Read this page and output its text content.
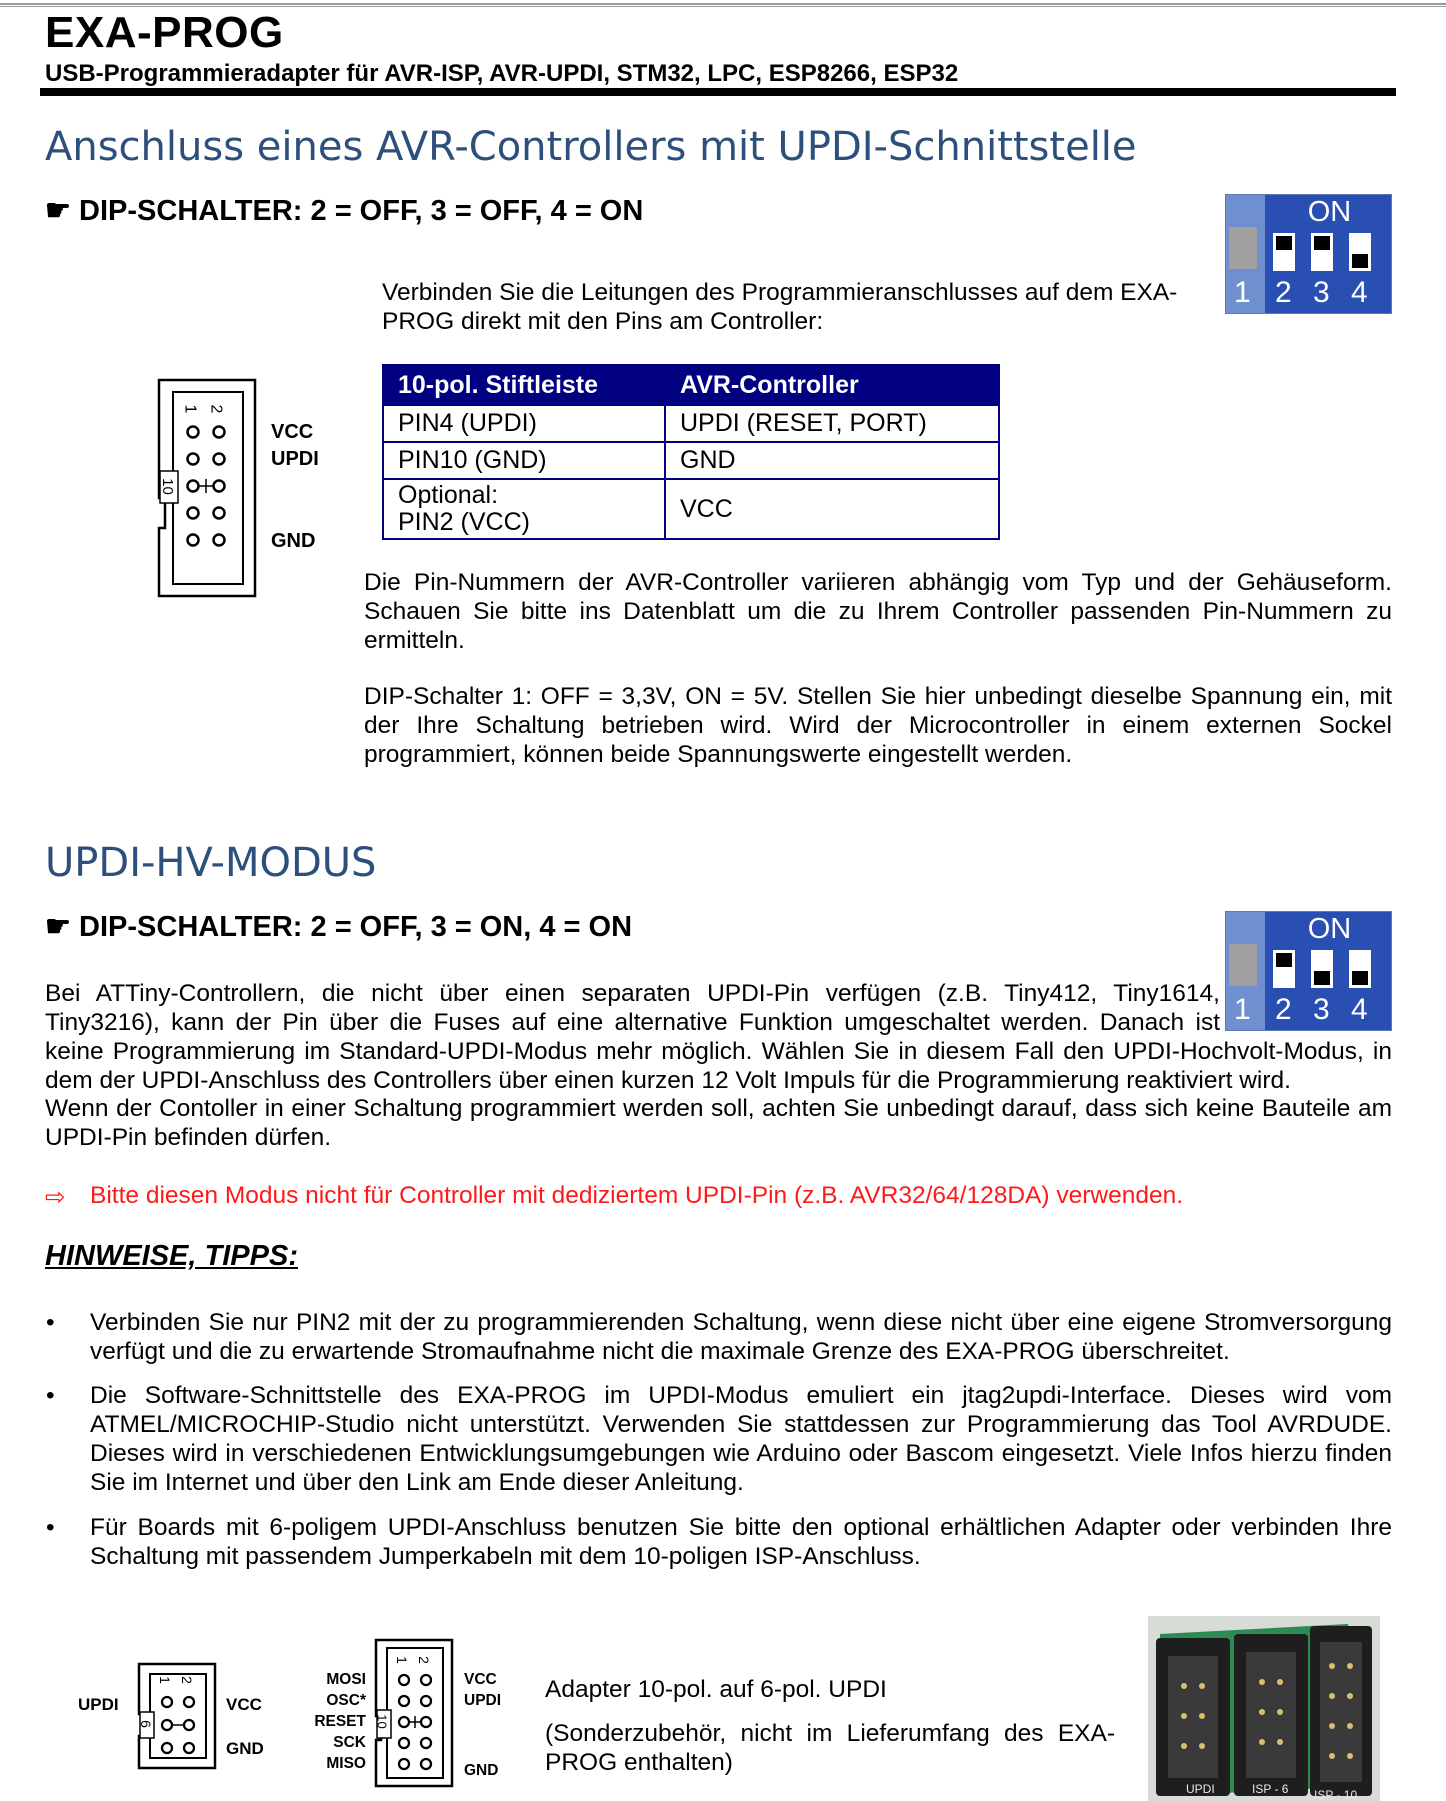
EXA-PROG
USB-Programmieradapter für AVR-ISP, AVR-UPDI, STM32, LPC, ESP8266, ESP32
Anschluss eines AVR-Controllers mit UPDI-Schnittstelle
☛ DIP-SCHALTER: 2 = OFF, 3 = OFF, 4 = ON	ON
1 2 3 4
Verbinden Sie die Leitungen des Programmieranschlusses auf dem EXA-PROG direkt mit den Pins am Controller:
1 2
10
VCC
UPDI
GND
10-pol. Stiftleiste	AVR-Controller
PIN4 (UPDI)	UPDI (RESET, PORT)
PIN10 (GND)	GND
Optional:
PIN2 (VCC)	VCC
Die Pin-Nummern der AVR-Controller variieren abhängig vom Typ und der Gehäuseform. Schauen Sie bitte ins Datenblatt um die zu Ihrem Controller passenden Pin-Nummern zu ermitteln.
DIP-Schalter 1: OFF = 3,3V, ON = 5V. Stellen Sie hier unbedingt dieselbe Spannung ein, mit der Ihre Schaltung betrieben wird. Wird der Microcontroller in einem externen Sockel programmiert, können beide Spannungswerte eingestellt werden.
UPDI-HV-MODUS
☛ DIP-SCHALTER: 2 = OFF, 3 = ON, 4 = ON	ON
1 2 3 4
Bei ATTiny-Controllern, die nicht über einen separaten UPDI-Pin verfügen (z.B. Tiny412, Tiny1614, Tiny3216), kann der Pin über die Fuses auf eine alternative Funktion umgeschaltet werden. Danach ist keine Programmierung im Standard-UPDI-Modus mehr möglich. Wählen Sie in diesem Fall den UPDI-Hochvolt-Modus, in dem der UPDI-Anschluss des Controllers über einen kurzen 12 Volt Impuls für die Programmierung reaktiviert wird.
Wenn der Contoller in einer Schaltung programmiert werden soll, achten Sie unbedingt darauf, dass sich keine Bauteile am UPDI-Pin befinden dürfen.
⇨ Bitte diesen Modus nicht für Controller mit dediziertem UPDI-Pin (z.B. AVR32/64/128DA) verwenden.
HINWEISE, TIPPS:
• Verbinden Sie nur PIN2 mit der zu programmierenden Schaltung, wenn diese nicht über eine eigene Stromversorgung verfügt und die zu erwartende Stromaufnahme nicht die maximale Grenze des EXA-PROG überschreitet.
• Die Software-Schnittstelle des EXA-PROG im UPDI-Modus emuliert ein jtag2updi-Interface. Dieses wird vom ATMEL/MICROCHIP-Studio nicht unterstützt. Verwenden Sie stattdessen zur Programmierung das Tool AVRDUDE. Dieses wird in verschiedenen Entwicklungsumgebungen wie Arduino oder Bascom eingesetzt. Viele Infos hierzu finden Sie im Internet und über den Link am Ende dieser Anleitung.
• Für Boards mit 6-poligem UPDI-Anschluss benutzen Sie bitte den optional erhältlichen Adapter oder verbinden Ihre Schaltung mit passendem Jumperkabeln mit dem 10-poligen ISP-Anschluss.
1 2
6
UPDI	VCC
GND
1 2
10
MOSI
OSC*
RESET
SCK
MISO
VCC
UPDI
GND
Adapter 10-pol. auf 6-pol. UPDI
(Sonderzubehör, nicht im Lieferumfang des EXA-PROG enthalten)
UPDI	ISP - 6 ISP - 10
